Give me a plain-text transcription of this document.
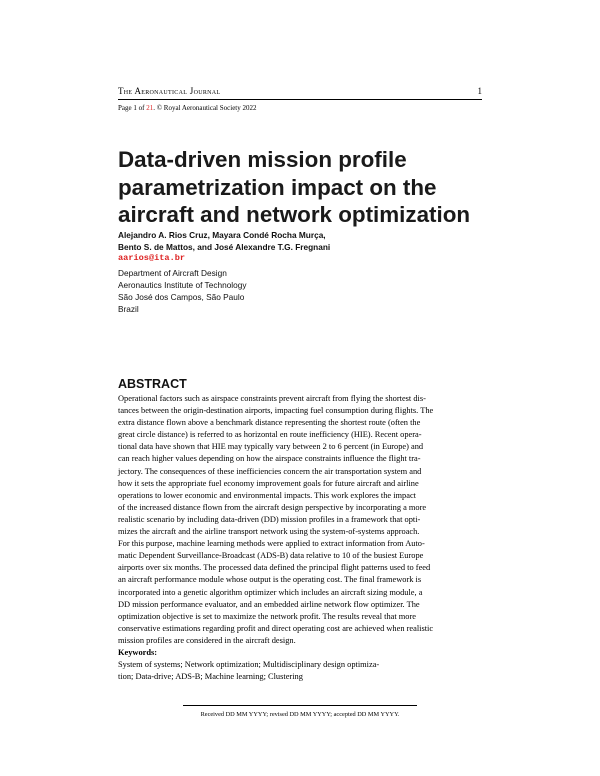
The Aeronautical Journal	1
Page 1 of 21. © Royal Aeronautical Society 2022
Data-driven mission profile
parametrization impact on the
aircraft and network optimization
Alejandro A. Rios Cruz, Mayara Condé Rocha Murça,
Bento S. de Mattos, and José Alexandre T.G. Fregnani
aarios@ita.br
Department of Aircraft Design
Aeronautics Institute of Technology
São José dos Campos, São Paulo
Brazil
ABSTRACT
Operational factors such as airspace constraints prevent aircraft from flying the shortest dis-
tances between the origin-destination airports, impacting fuel consumption during flights. The
extra distance flown above a benchmark distance representing the shortest route (often the
great circle distance) is referred to as horizontal en route inefficiency (HIE). Recent opera-
tional data have shown that HIE may typically vary between 2 to 6 percent (in Europe) and
can reach higher values depending on how the airspace constraints influence the flight tra-
jectory. The consequences of these inefficiencies concern the air transportation system and
how it sets the appropriate fuel economy improvement goals for future aircraft and airline
operations to lower economic and environmental impacts. This work explores the impact
of the increased distance flown from the aircraft design perspective by incorporating a more
realistic scenario by including data-driven (DD) mission profiles in a framework that opti-
mizes the aircraft and the airline transport network using the system-of-systems approach.
For this purpose, machine learning methods were applied to extract information from Auto-
matic Dependent Surveillance-Broadcast (ADS-B) data relative to 10 of the busiest Europe
airports over six months. The processed data defined the principal flight patterns used to feed
an aircraft performance module whose output is the operating cost. The final framework is
incorporated into a genetic algorithm optimizer which includes an aircraft sizing module, a
DD mission performance evaluator, and an embedded airline network flow optimizer. The
optimization objective is set to maximize the network profit. The results reveal that more
conservative estimations regarding profit and direct operating cost are achieved when realistic
mission profiles are considered in the aircraft design.
Keywords:
System of systems; Network optimization; Multidisciplinary design optimiza-
tion; Data-drive; ADS-B; Machine learning; Clustering
Received DD MM YYYY; revised DD MM YYYY; accepted DD MM YYYY.
